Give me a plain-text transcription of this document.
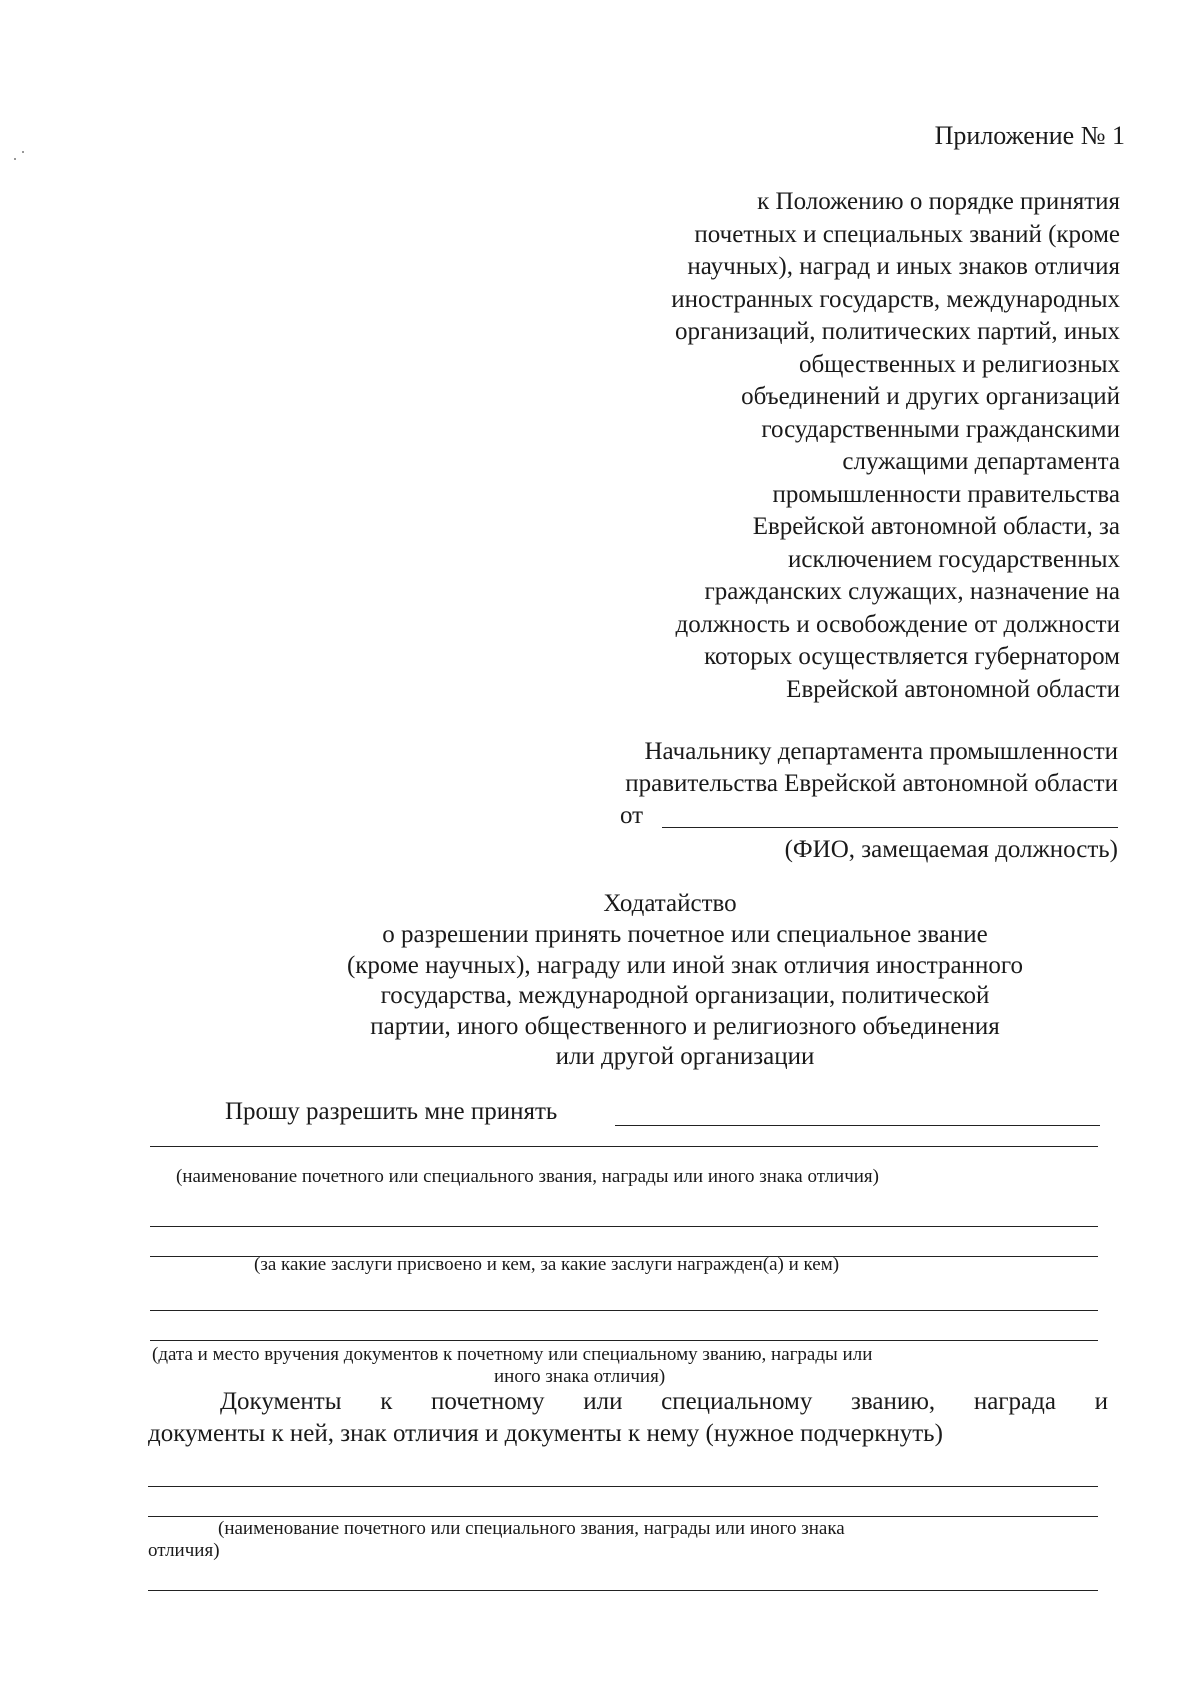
Приложение № 1
к Положению о порядке принятия
почетных и специальных званий (кроме
научных), наград и иных знаков отличия
иностранных государств, международных
организаций, политических партий, иных
общественных и религиозных
объединений и других организаций
государственными гражданскими
служащими департамента
промышленности правительства
Еврейской автономной области, за
исключением государственных
гражданских служащих, назначение на
должность и освобождение от должности
которых осуществляется губернатором
Еврейской автономной области
Начальнику департамента промышленности
правительства Еврейской автономной области
от
(ФИО, замещаемая должность)
Ходатайство
о разрешении принять почетное или специальное звание
(кроме научных), награду или иной знак отличия иностранного
государства, международной организации, политической
партии, иного общественного и религиозного объединения
или другой организации
Прошу разрешить мне принять
(наименование почетного или специального звания, награды или иного знака отличия)
(за какие заслуги присвоено и кем, за какие заслуги награжден(а) и кем)
(дата и место вручения документов к почетному или специальному званию, награды или
иного знака отличия)
Документы к почетному или специальному званию, награда и
документы к ней, знак отличия и документы к нему (нужное подчеркнуть)
(наименование почетного или специального звания, награды или иного знака
отличия)
